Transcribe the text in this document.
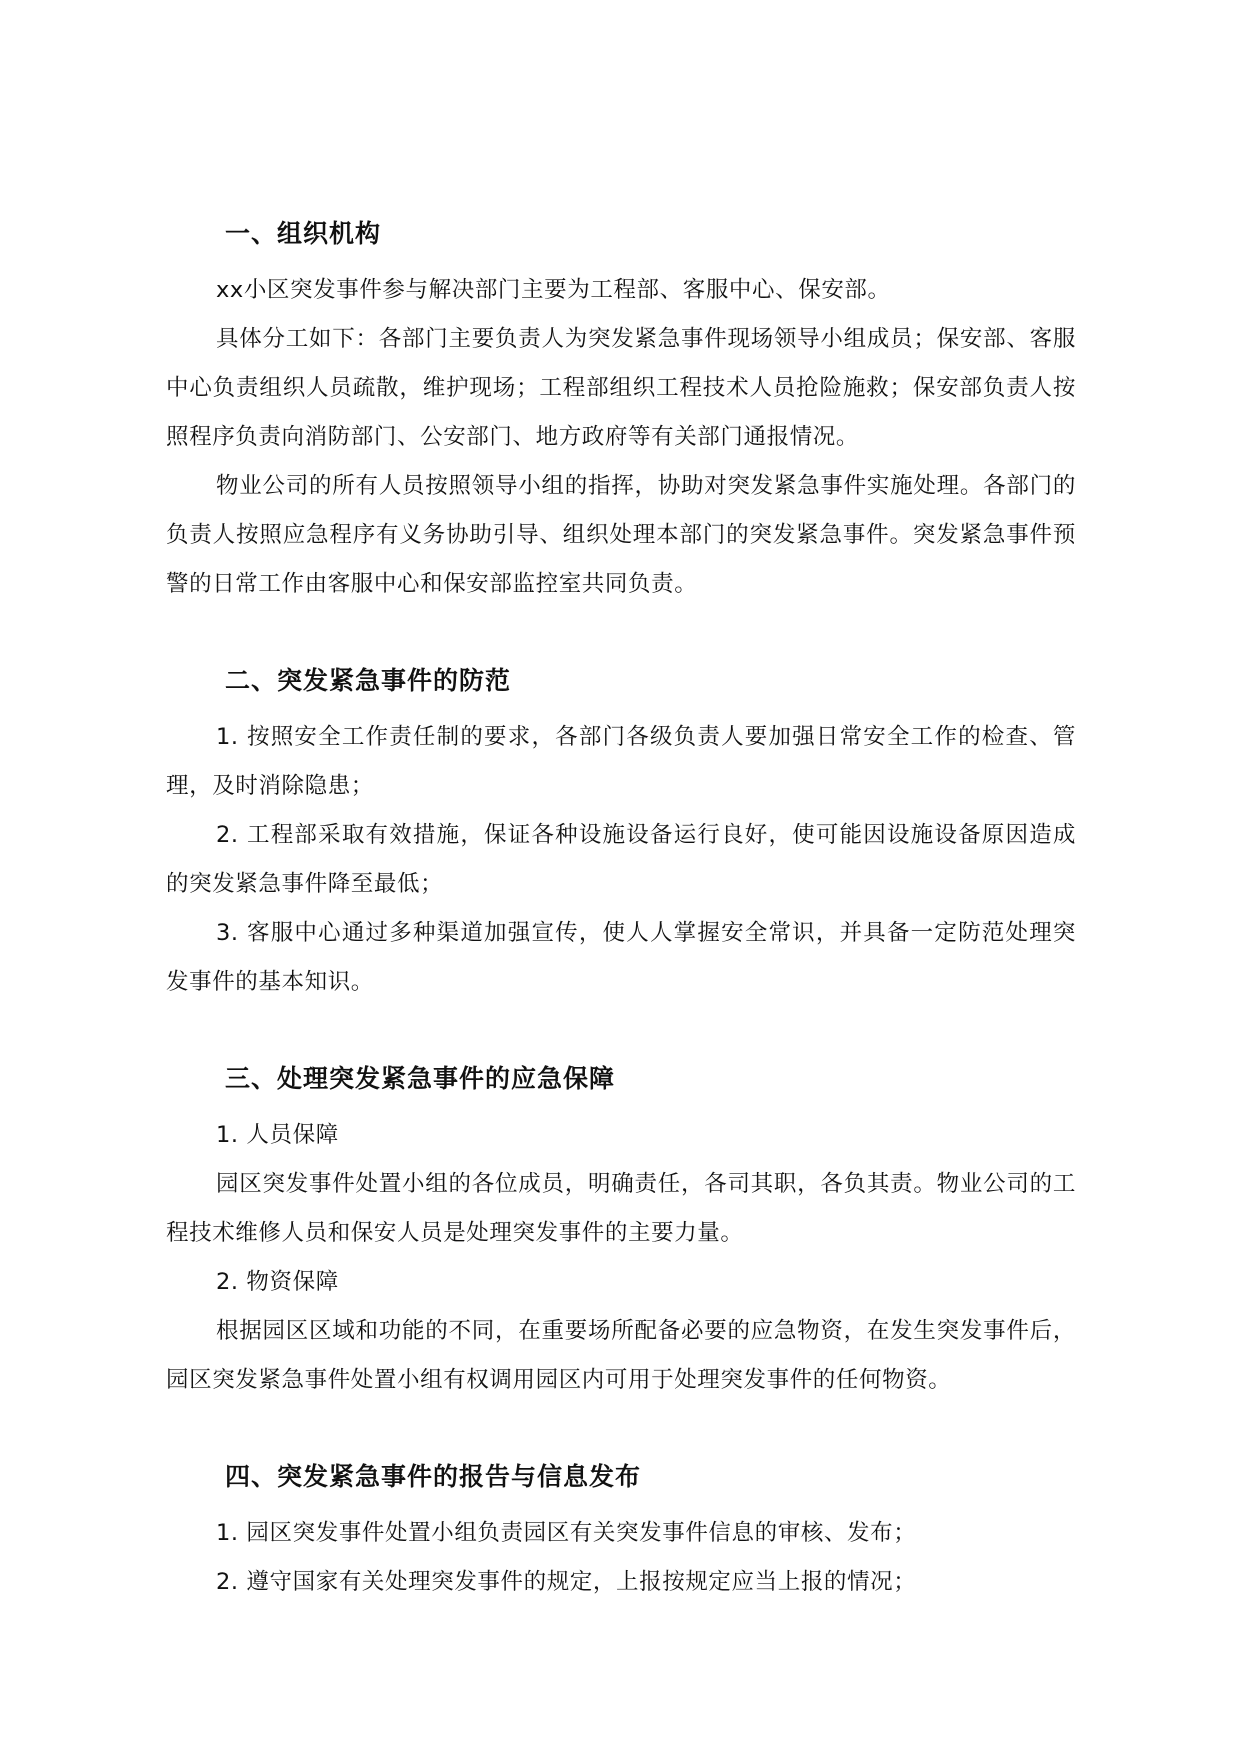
一、组织机构

xx小区突发事件参与解决部门主要为工程部、客服中心、保安部。

具体分工如下：各部门主要负责人为突发紧急事件现场领导小组成员；保安部、客服中心负责组织人员疏散，维护现场；工程部组织工程技术人员抢险施救；保安部负责人按照程序负责向消防部门、公安部门、地方政府等有关部门通报情况。

物业公司的所有人员按照领导小组的指挥，协助对突发紧急事件实施处理。各部门的负责人按照应急程序有义务协助引导、组织处理本部门的突发紧急事件。突发紧急事件预警的日常工作由客服中心和保安部监控室共同负责。

二、突发紧急事件的防范

1. 按照安全工作责任制的要求，各部门各级负责人要加强日常安全工作的检查、管理，及时消除隐患；

2. 工程部采取有效措施，保证各种设施设备运行良好，使可能因设施设备原因造成的突发紧急事件降至最低；

3. 客服中心通过多种渠道加强宣传，使人人掌握安全常识，并具备一定防范处理突发事件的基本知识。

三、处理突发紧急事件的应急保障

1. 人员保障

园区突发事件处置小组的各位成员，明确责任，各司其职，各负其责。物业公司的工程技术维修人员和保安人员是处理突发事件的主要力量。

2. 物资保障

根据园区区域和功能的不同，在重要场所配备必要的应急物资，在发生突发事件后，园区突发紧急事件处置小组有权调用园区内可用于处理突发事件的任何物资。

四、突发紧急事件的报告与信息发布

1. 园区突发事件处置小组负责园区有关突发事件信息的审核、发布；

2. 遵守国家有关处理突发事件的规定，上报按规定应当上报的情况；
